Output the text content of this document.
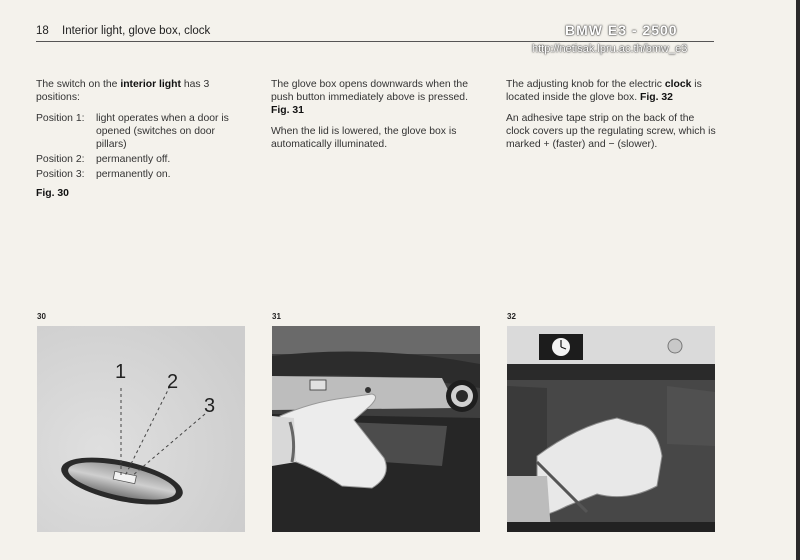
18 Interior light, glove box, clock	BMW E3 - 2500
http://netisak.lpru.ac.th/bmw_e3

The switch on the interior light has 3 positions:

Position 1:	light operates when a door is opened (switches on door pillars)
Position 2:	permanently off.
Position 3:	permanently on.
Fig. 30

The glove box opens downwards when the push button immediately above is pressed. Fig. 31

When the lid is lowered, the glove box is automatically illuminated.

The adjusting knob for the electric clock is located inside the glove box. Fig. 32

An adhesive tape strip on the back of the clock covers up the regulating screw, which is marked + (faster) and − (slower).

30	31	32
1 2
3
